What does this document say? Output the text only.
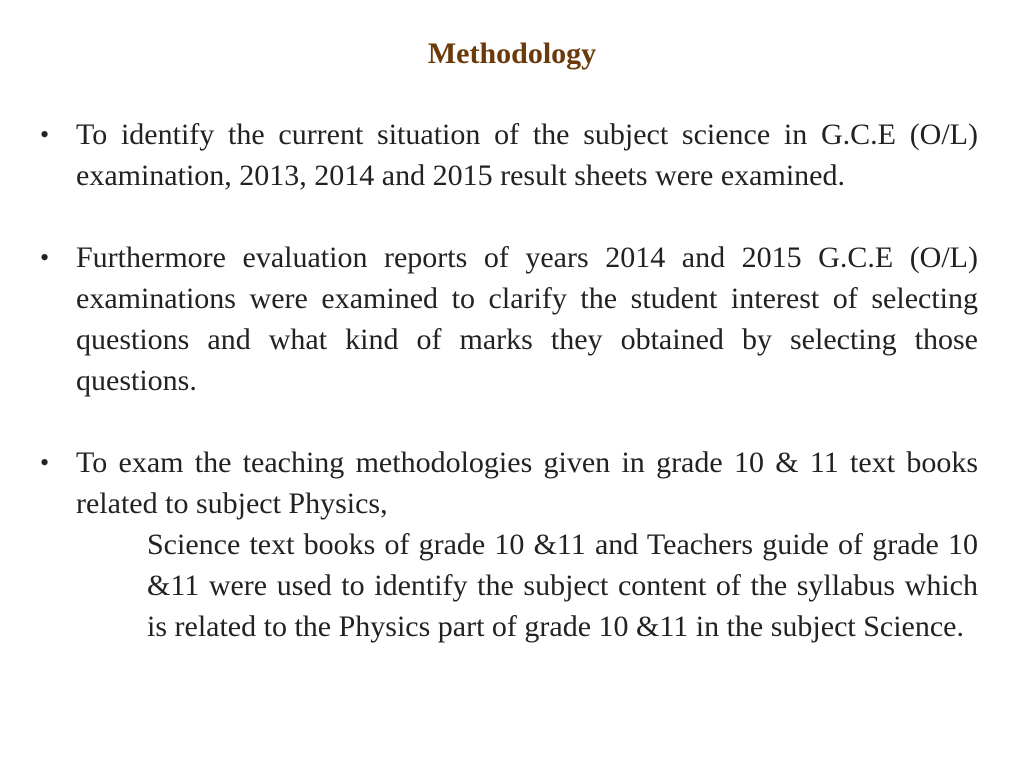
Methodology
• To identify the current situation of the subject science in G.C.E (O/L) examination, 2013, 2014 and 2015 result sheets were examined.
• Furthermore evaluation reports of years 2014 and 2015 G.C.E (O/L) examinations were examined to clarify the student interest of selecting questions and what kind of marks they obtained by selecting those questions.
• To exam the teaching methodologies given in grade 10 & 11 text books related to subject Physics,
Science text books of grade 10 &11 and Teachers guide of grade 10 &11 were used to identify the subject content of the syllabus which is related to the Physics part of grade 10 &11 in the subject Science.
